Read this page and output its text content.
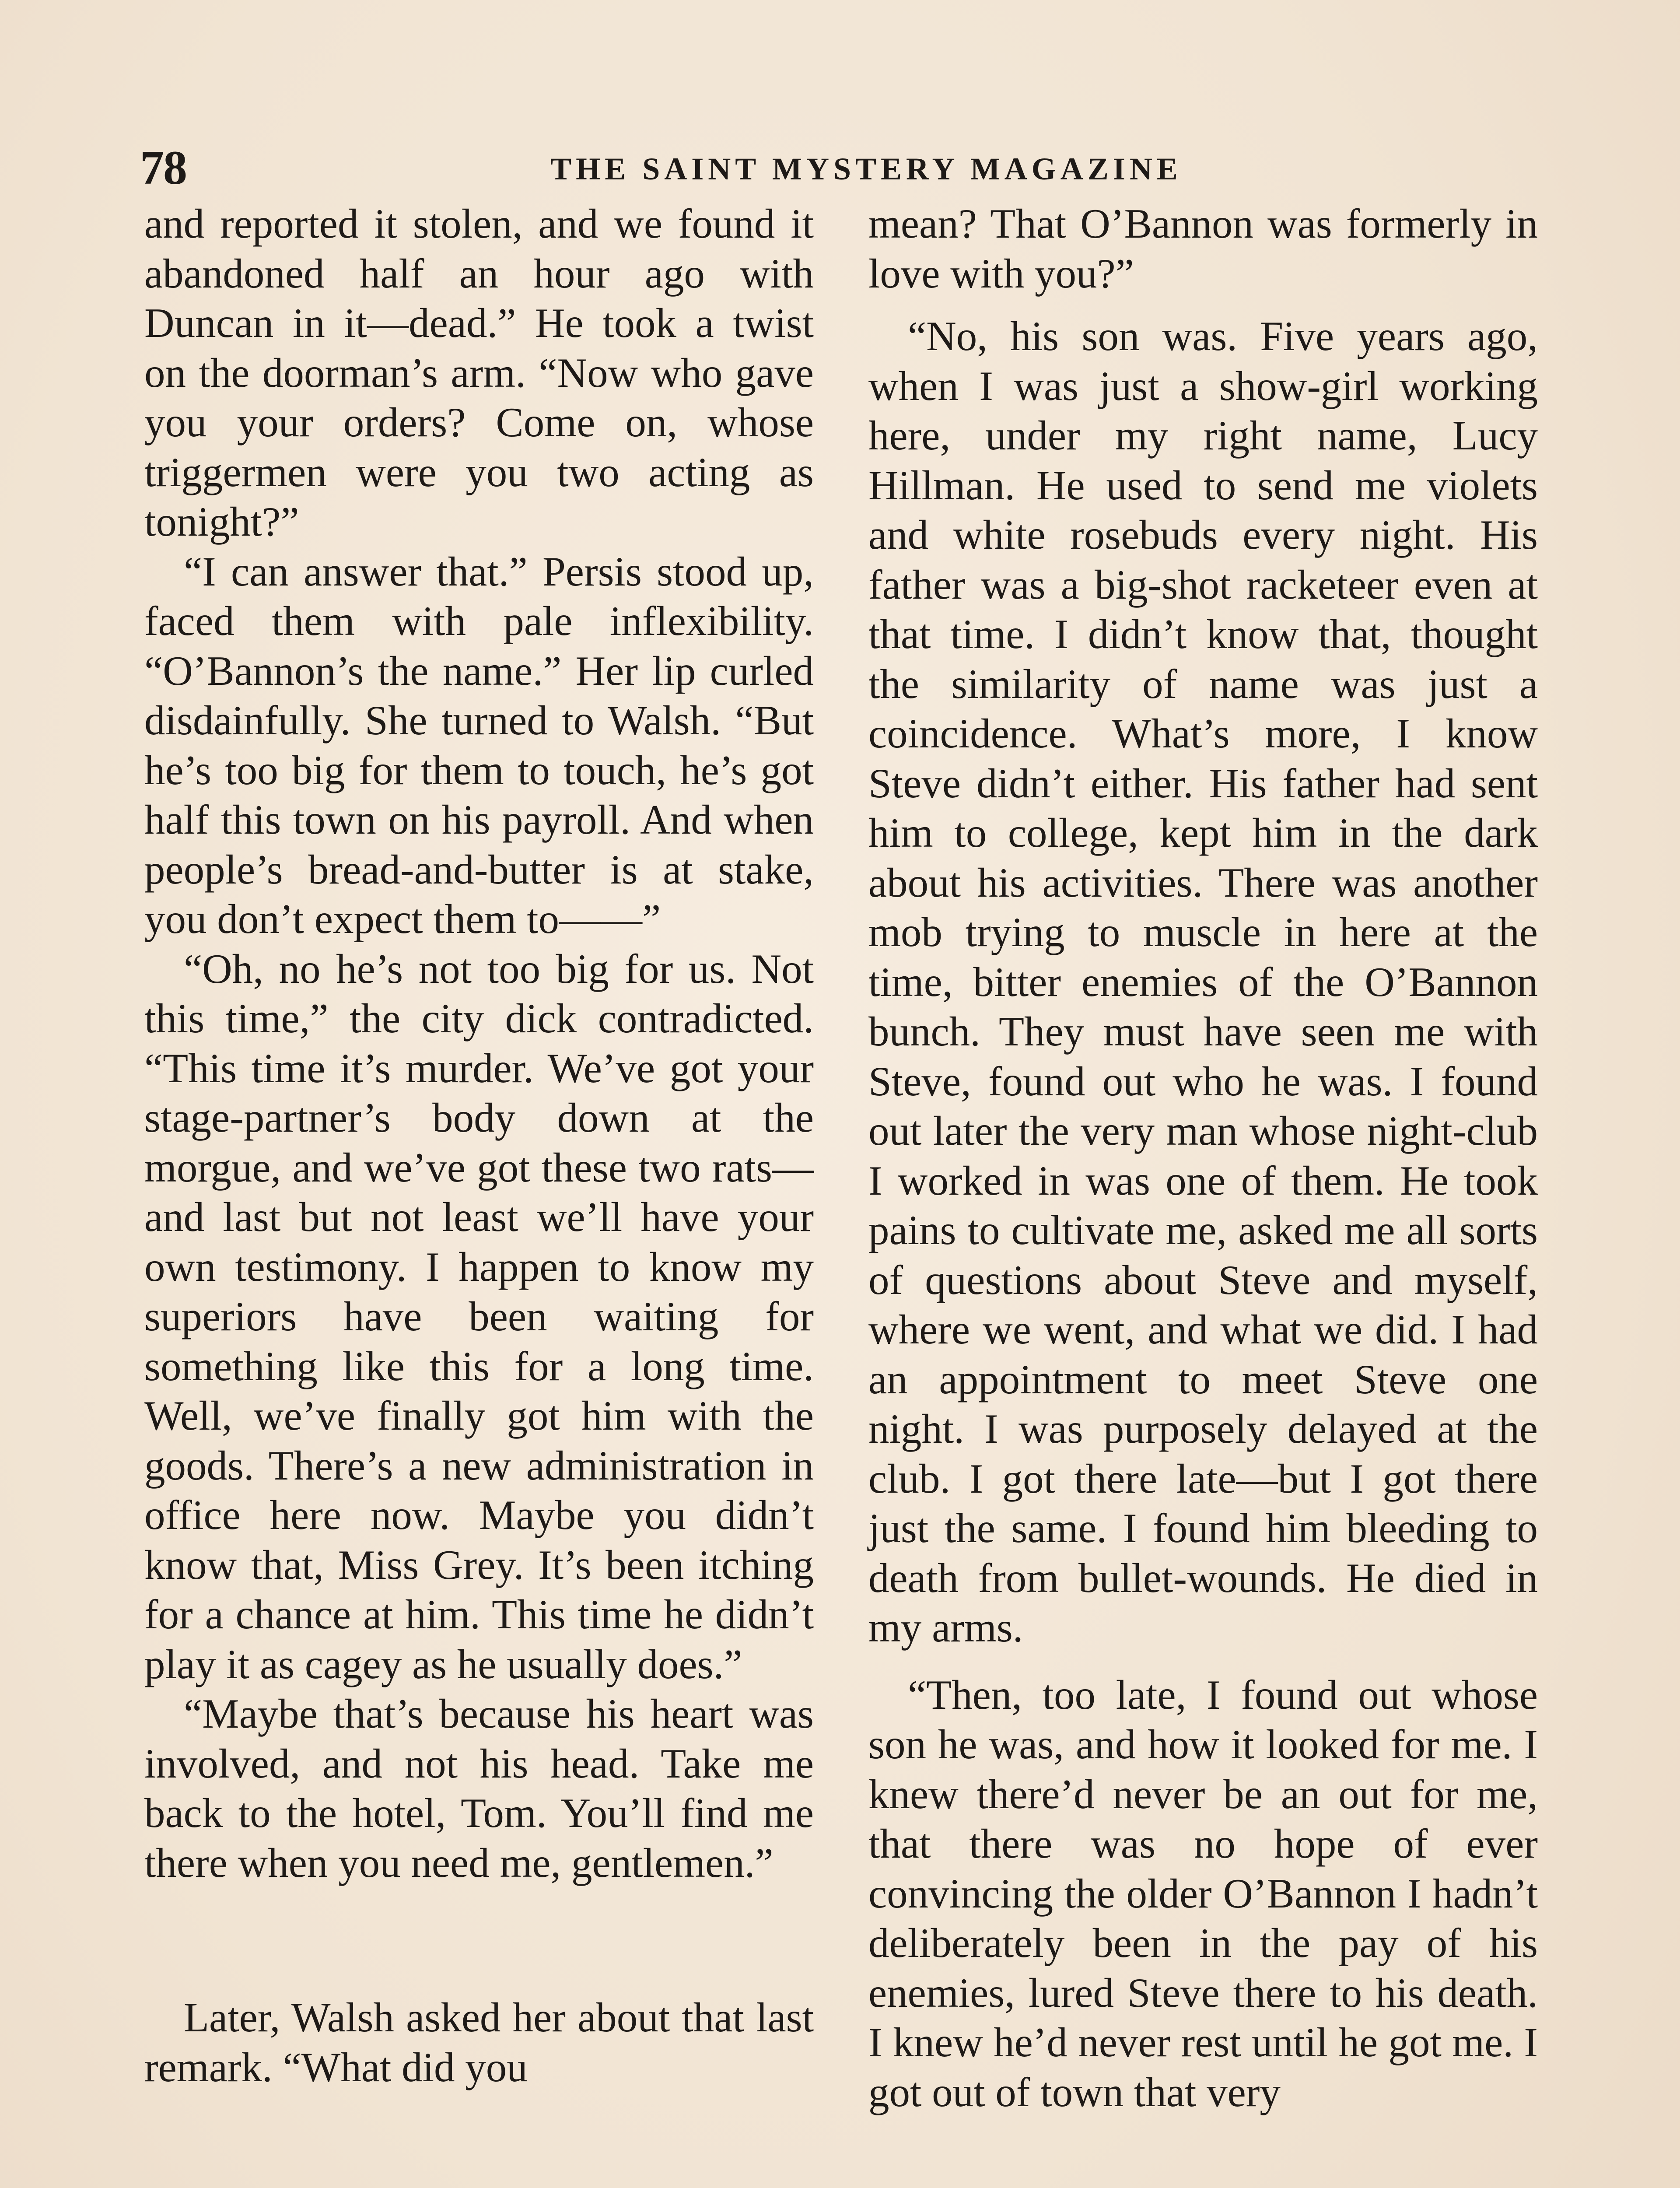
78	THE SAINT MYSTERY MAGAZINE

and reported it stolen, and we found it abandoned half an hour ago with Duncan in it—dead.” He took a twist on the doorman’s arm. “Now who gave you your orders? Come on, whose triggermen were you two acting as tonight?”

“I can answer that.” Persis stood up, faced them with pale inflexibility. “O’Bannon’s the name.” Her lip curled disdainfully. She turned to Walsh. “But he’s too big for them to touch, he’s got half this town on his payroll. And when people’s bread-and-butter is at stake, you don’t expect them to——”

“Oh, no he’s not too big for us. Not this time,” the city dick contradicted. “This time it’s murder. We’ve got your stage-partner’s body down at the morgue, and we’ve got these two rats—and last but not least we’ll have your own testimony. I happen to know my superiors have been waiting for something like this for a long time. Well, we’ve finally got him with the goods. There’s a new administration in office here now. Maybe you didn’t know that, Miss Grey. It’s been itching for a chance at him. This time he didn’t play it as cagey as he usually does.”

“Maybe that’s because his heart was involved, and not his head. Take me back to the hotel, Tom. You’ll find me there when you need me, gentlemen.”

Later, Walsh asked her about that last remark. “What did you

mean? That O’Bannon was formerly in love with you?”

“No, his son was. Five years ago, when I was just a show-girl working here, under my right name, Lucy Hillman. He used to send me violets and white rosebuds every night. His father was a big-shot racketeer even at that time. I didn’t know that, thought the similarity of name was just a coincidence. What’s more, I know Steve didn’t either. His father had sent him to college, kept him in the dark about his activities. There was another mob trying to muscle in here at the time, bitter enemies of the O’Bannon bunch. They must have seen me with Steve, found out who he was. I found out later the very man whose night-club I worked in was one of them. He took pains to cultivate me, asked me all sorts of questions about Steve and myself, where we went, and what we did. I had an appointment to meet Steve one night. I was purposely delayed at the club. I got there late—but I got there just the same. I found him bleeding to death from bullet-wounds. He died in my arms.

“Then, too late, I found out whose son he was, and how it looked for me. I knew there’d never be an out for me, that there was no hope of ever convincing the older O’Bannon I hadn’t deliberately been in the pay of his enemies, lured Steve there to his death. I knew he’d never rest until he got me. I got out of town that very
